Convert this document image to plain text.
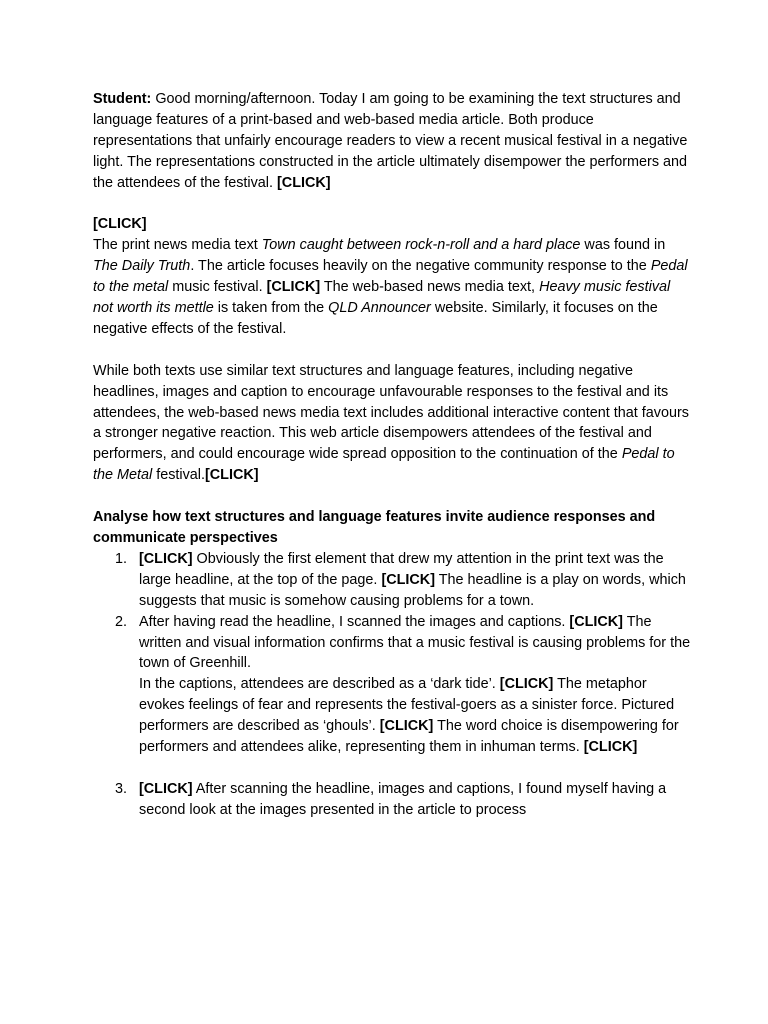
Student: Good morning/afternoon. Today I am going to be examining the text structures and language features of a print-based and web-based media article. Both produce representations that unfairly encourage readers to view a recent musical festival in a negative light. The representations constructed in the article ultimately disempower the performers and the attendees of the festival. [CLICK]

[CLICK]

The print news media text Town caught between rock-n-roll and a hard place was found in The Daily Truth. The article focuses heavily on the negative community response to the Pedal to the metal music festival. [CLICK] The web-based news media text, Heavy music festival not worth its mettle is taken from the QLD Announcer website. Similarly, it focuses on the negative effects of the festival.

While both texts use similar text structures and language features, including negative headlines, images and caption to encourage unfavourable responses to the festival and its attendees, the web-based news media text includes additional interactive content that favours a stronger negative reaction. This web article disempowers attendees of the festival and performers, and could encourage wide spread opposition to the continuation of the Pedal to the Metal festival.[CLICK]

Analyse how text structures and language features invite audience responses and communicate perspectives

1. [CLICK] Obviously the first element that drew my attention in the print text was the large headline, at the top of the page. [CLICK] The headline is a play on words, which suggests that music is somehow causing problems for a town.
2. After having read the headline, I scanned the images and captions. [CLICK] The written and visual information confirms that a music festival is causing problems for the town of Greenhill.
In the captions, attendees are described as a ‘dark tide’. [CLICK] The metaphor evokes feelings of fear and represents the festival-goers as a sinister force. Pictured performers are described as ‘ghouls’. [CLICK] The word choice is disempowering for performers and attendees alike, representing them in inhuman terms. [CLICK]
3. [CLICK] After scanning the headline, images and captions, I found myself having a second look at the images presented in the article to process
